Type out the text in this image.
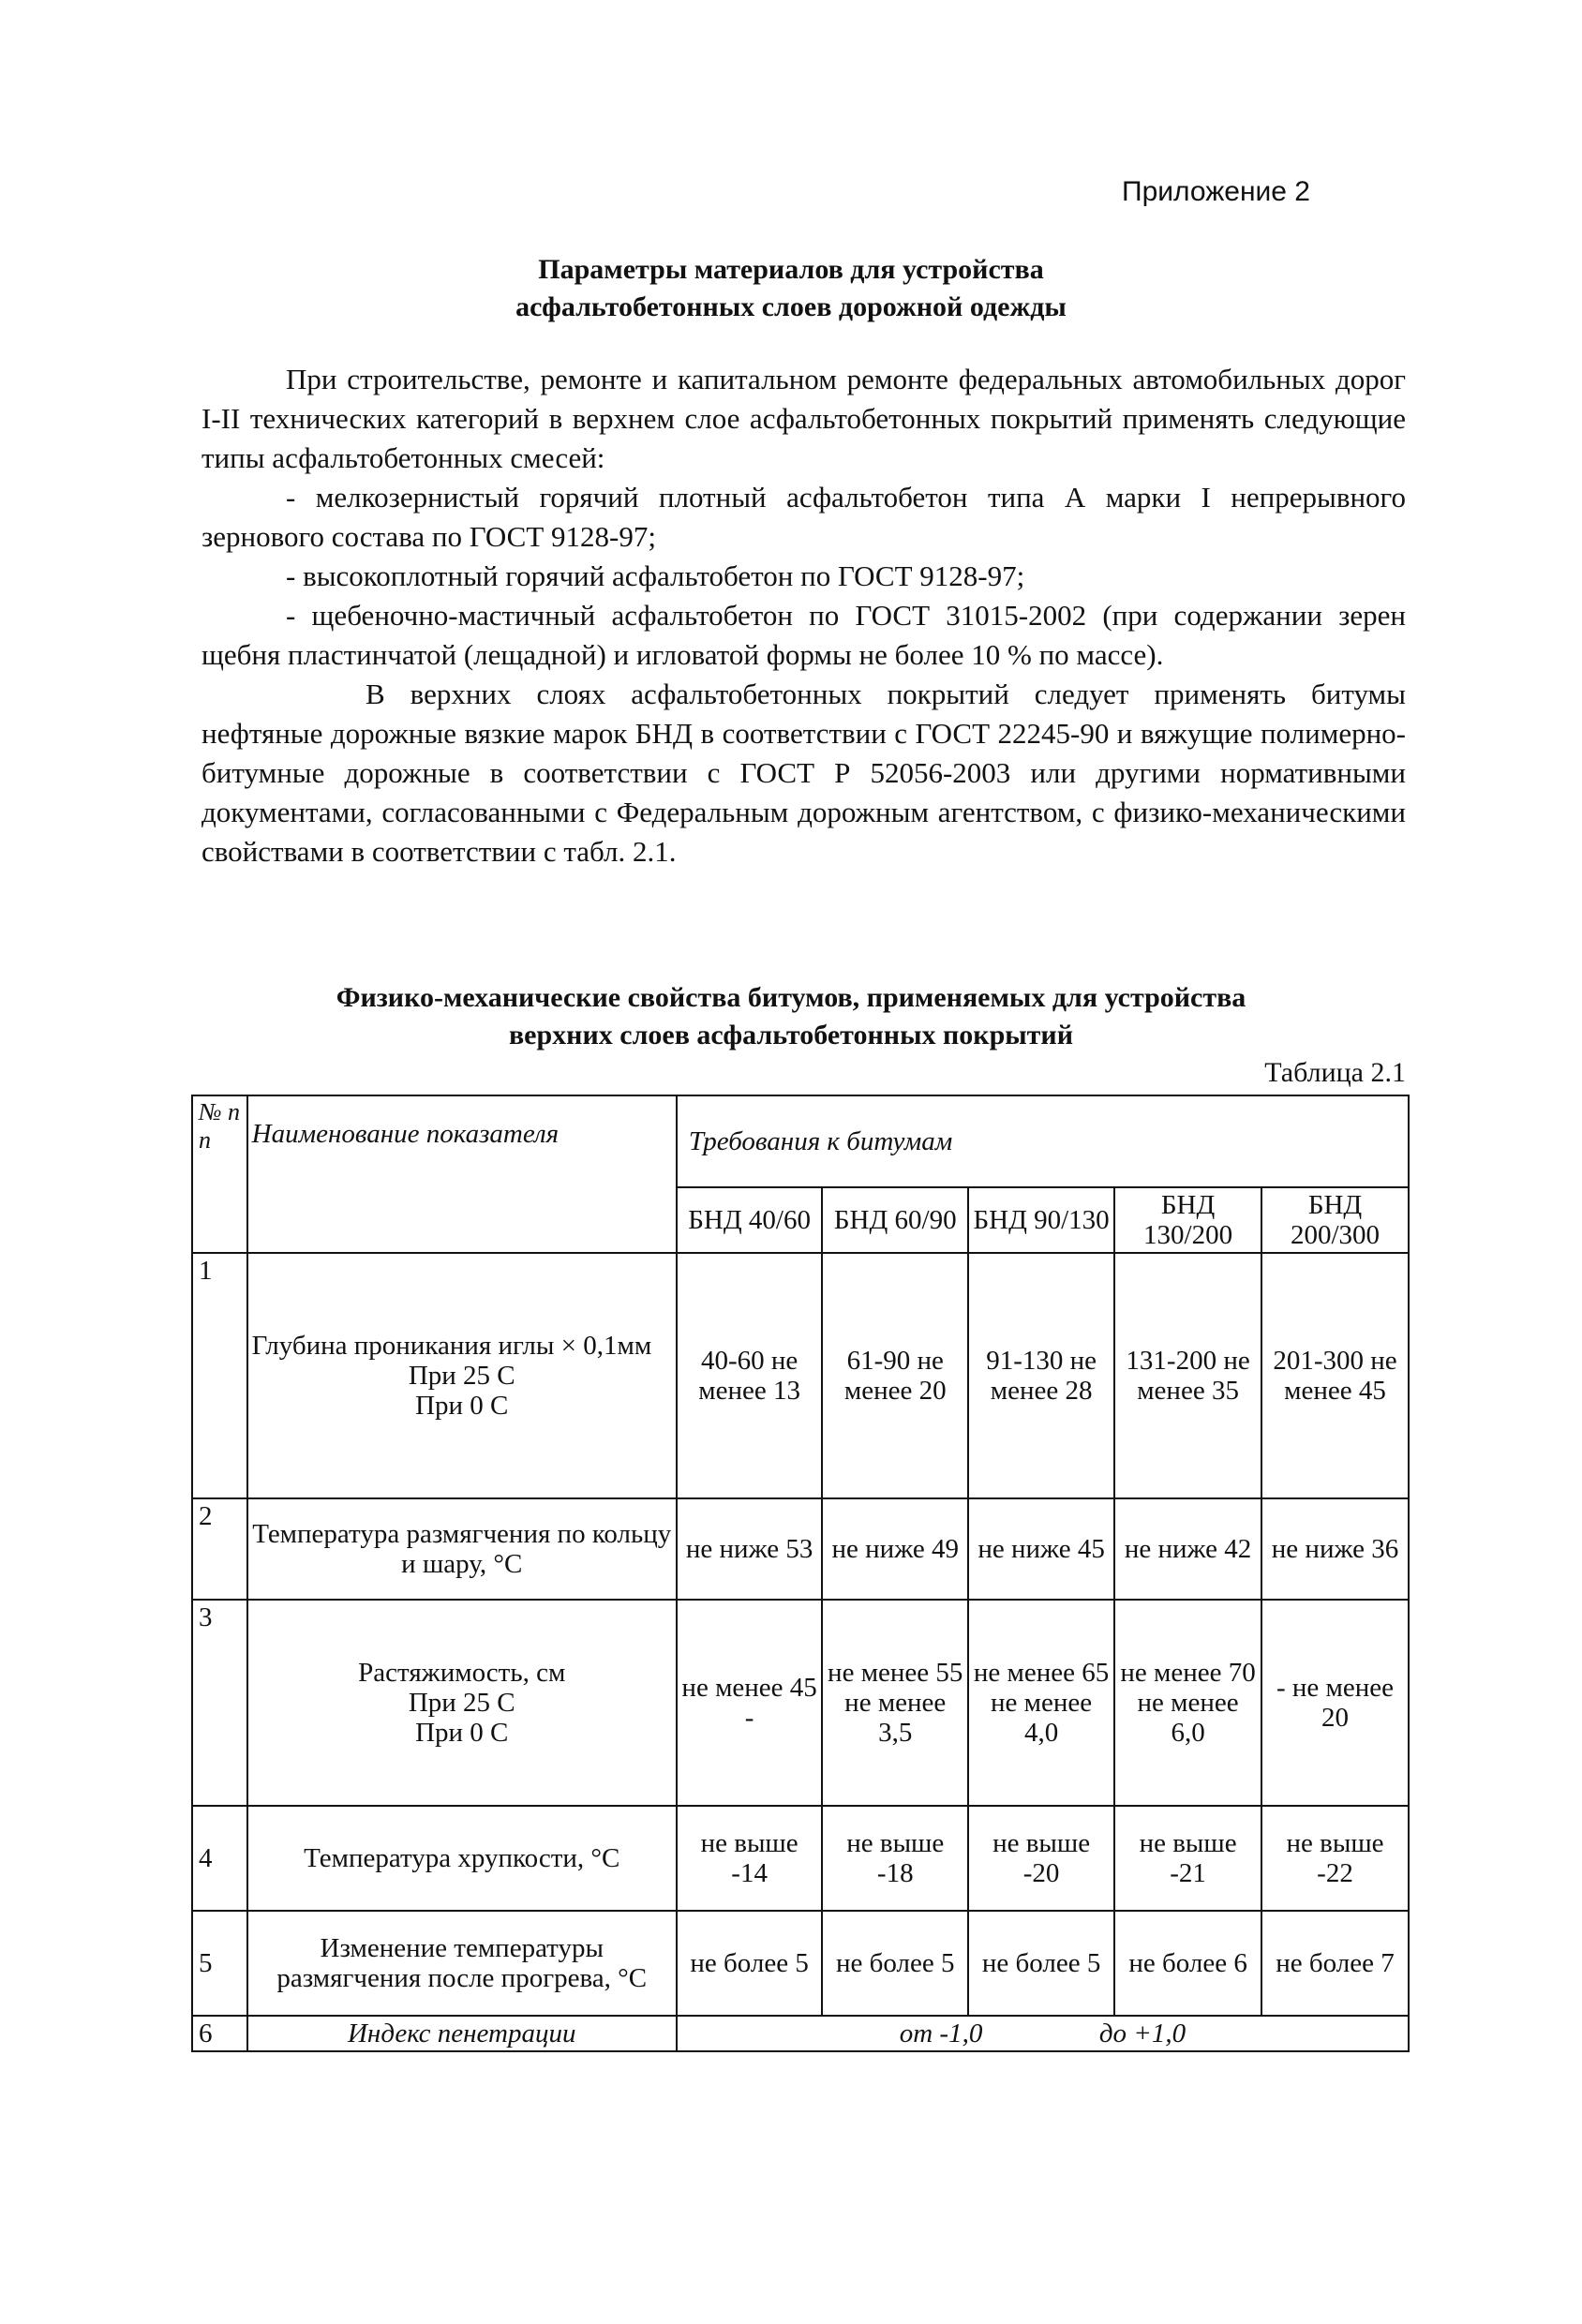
Приложение 2
Параметры материалов для устройства
асфальтобетонных слоев дорожной одежды

При строительстве, ремонте и капитальном ремонте федеральных автомобильных дорог I-II технических категорий в верхнем слое асфальтобетонных покрытий применять следующие типы асфальтобетонных смесей:

- мелкозернистый горячий плотный асфальтобетон типа А марки I непрерывного зернового состава по ГОСТ 9128-97;

- высокоплотный горячий асфальтобетон по ГОСТ 9128-97;

- щебеночно-мастичный асфальтобетон по ГОСТ 31015-2002 (при содержании зерен щебня пластинчатой (лещадной) и игловатой формы не более 10 % по массе).

В верхних слоях асфальтобетонных покрытий следует применять битумы нефтяные дорожные вязкие марок БНД в соответствии с ГОСТ 22245-90 и вяжущие полимерно-битумные дорожные в соответствии с ГОСТ Р 52056-2003 или другими нормативными документами, согласованными с Федеральным дорожным агентством, с физико-механическими свойствами в соответствии с табл. 2.1.

Физико-механические свойства битумов, применяемых для устройства
верхних слоев асфальтобетонных покрытий
Таблица 2.1
№ п п	Наименование показателя	Требования к битумам				
		БНД 40/60	БНД 60/90	БНД 90/130	БНД 130/200	БНД 200/300
1	Глубина проникания иглы × 0,1мм
При 25 С
При 0 С	40-60 не менее 13	61-90 не менее 20	91-130 не менее 28	131-200 не менее 35	201-300 не менее 45
2	Температура размягчения по кольцу и шару, °С	не ниже 53	не ниже 49	не ниже 45	не ниже 42	не ниже 36
3	Растяжимость, см
При 25 С
При 0 С	не менее 45 -	не менее 55 не менее 3,5	не менее 65 не менее 4,0	не менее 70 не менее 6,0	- не менее 20
4	Температура хрупкости, °С	не выше -14	не выше -18	не выше -20	не выше -21	не выше -22
5	Изменение температуры размягчения после прогрева, °С	не более 5	не более 5	не более 5	не более 6	не более 7
6	Индекс пенетрации	от -1,0 до +1,0				
